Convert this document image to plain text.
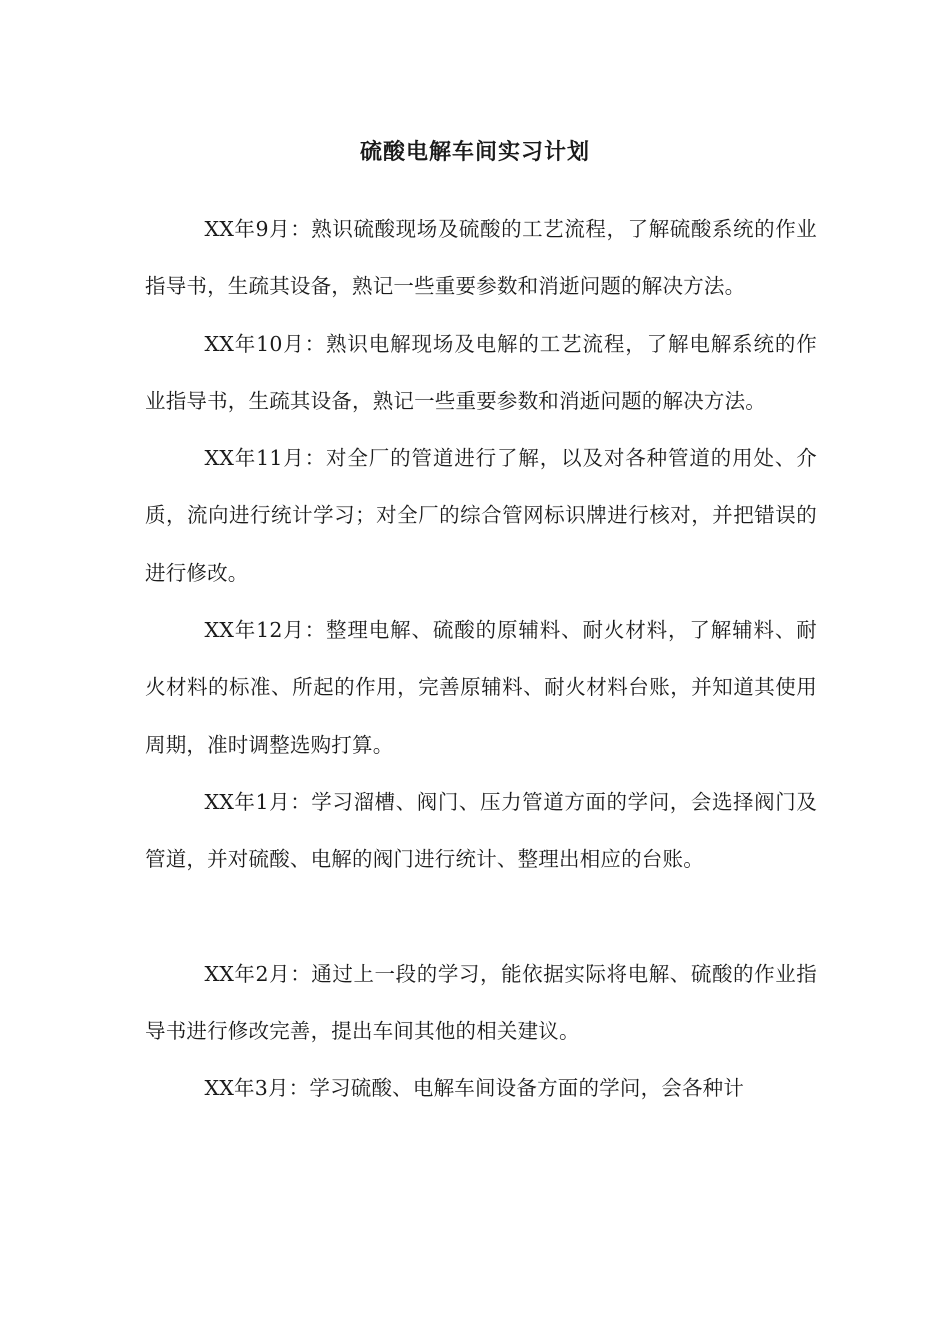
硫酸电解车间实习计划

XX年9月：熟识硫酸现场及硫酸的工艺流程，了解硫酸系统的作业指导书，生疏其设备，熟记一些重要参数和消逝问题的解决方法。

XX年10月：熟识电解现场及电解的工艺流程，了解电解系统的作业指导书，生疏其设备，熟记一些重要参数和消逝问题的解决方法。

XX年11月：对全厂的管道进行了解，以及对各种管道的用处、介质，流向进行统计学习；对全厂的综合管网标识牌进行核对，并把错误的进行修改。

XX年12月：整理电解、硫酸的原辅料、耐火材料，了解辅料、耐火材料的标准、所起的作用，完善原辅料、耐火材料台账，并知道其使用周期，准时调整选购打算。

XX年1月：学习溜槽、阀门、压力管道方面的学问，会选择阀门及管道，并对硫酸、电解的阀门进行统计、整理出相应的台账。

XX年2月：通过上一段的学习，能依据实际将电解、硫酸的作业指导书进行修改完善，提出车间其他的相关建议。

XX年3月：学习硫酸、电解车间设备方面的学问，会各种计
